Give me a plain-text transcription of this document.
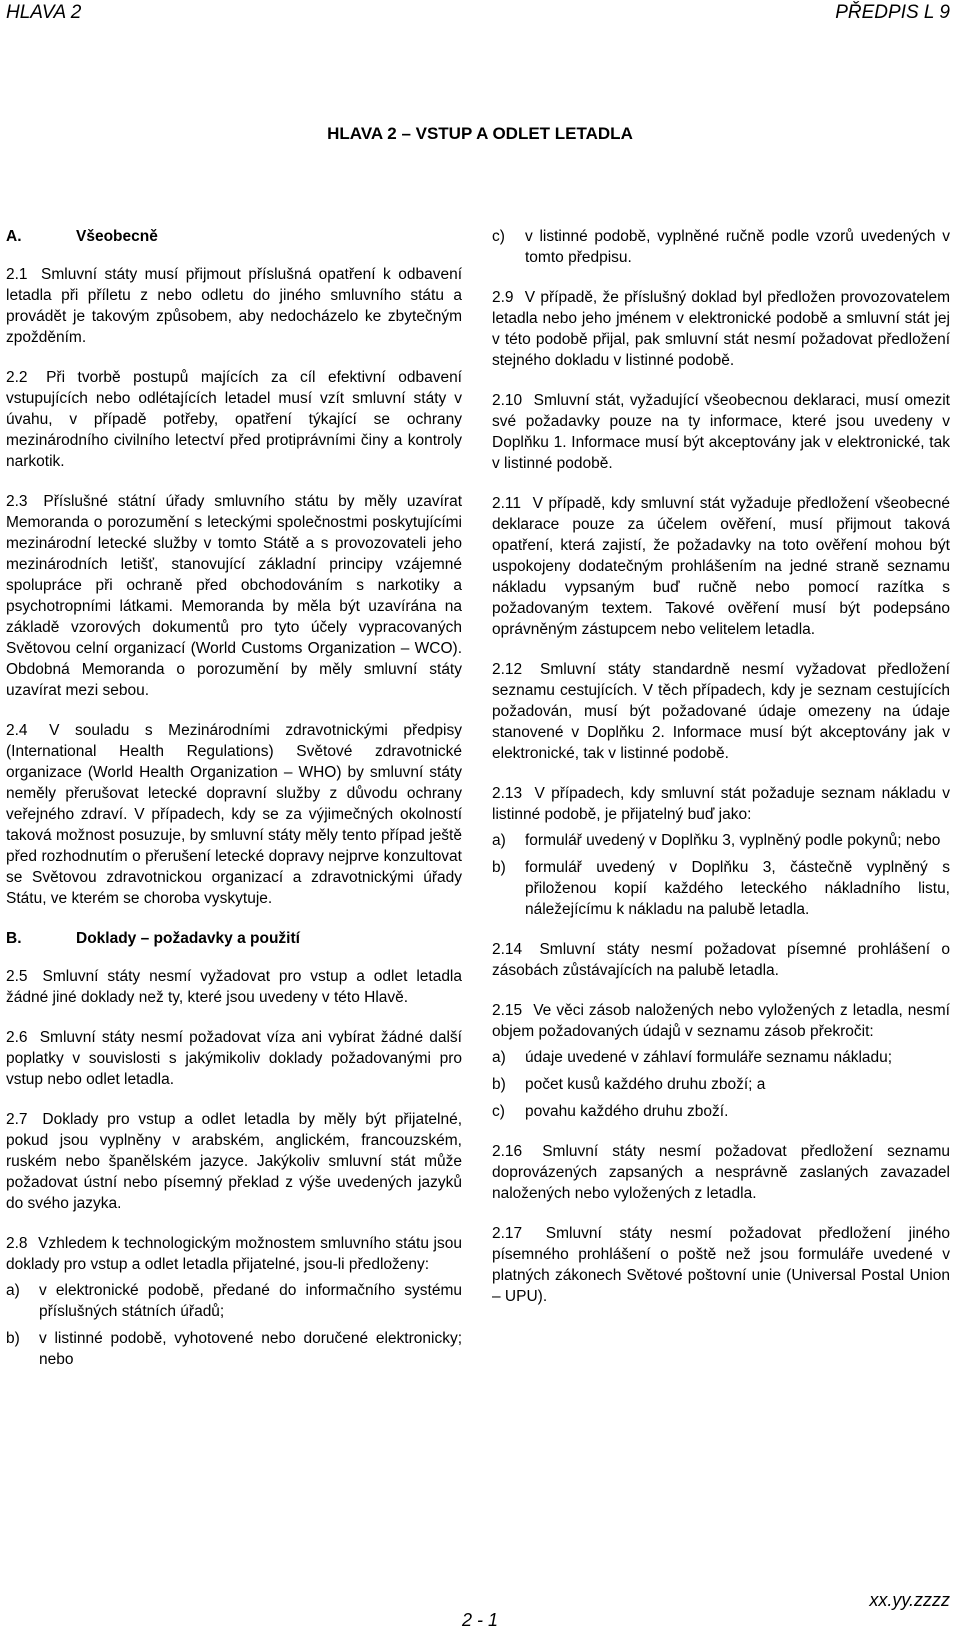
HLAVA 2	PŘEDPIS L 9
HLAVA 2 – VSTUP A ODLET LETADLA
A.	Všeobecně

2.1 Smluvní státy musí přijmout příslušná opatření k odbavení letadla při příletu z nebo odletu do jiného smluvního státu a provádět je takovým způsobem, aby nedocházelo ke zbytečným zpožděním.

2.2 Při tvorbě postupů majících za cíl efektivní odbavení vstupujících nebo odlétajících letadel musí vzít smluvní státy v úvahu, v případě potřeby, opatření týkající se ochrany mezinárodního civilního letectví před protiprávními činy a kontroly narkotik.

2.3 Příslušné státní úřady smluvního státu by měly uzavírat Memoranda o porozumění s leteckými společnostmi poskytujícími mezinárodní letecké služby v tomto Státě a s provozovateli jeho mezinárodních letišť, stanovující základní principy vzájemné spolupráce při ochraně před obchodováním s narkotiky a psychotropními látkami. Memoranda by měla být uzavírána na základě vzorových dokumentů pro tyto účely vypracovaných Světovou celní organizací (World Customs Organization – WCO). Obdobná Memoranda o porozumění by měly smluvní státy uzavírat mezi sebou.

2.4 V souladu s Mezinárodními zdravotnickými předpisy (International Health Regulations) Světové zdravotnické organizace (World Health Organization – WHO) by smluvní státy neměly přerušovat letecké dopravní služby z důvodu ochrany veřejného zdraví. V případech, kdy se za výjimečných okolností taková možnost posuzuje, by smluvní státy měly tento případ ještě před rozhodnutím o přerušení letecké dopravy nejprve konzultovat se Světovou zdravotnickou organizací a zdravotnickými úřady Státu, ve kterém se choroba vyskytuje.

B.	Doklady – požadavky a použití

2.5 Smluvní státy nesmí vyžadovat pro vstup a odlet letadla žádné jiné doklady než ty, které jsou uvedeny v této Hlavě.

2.6 Smluvní státy nesmí požadovat víza ani vybírat žádné další poplatky v souvislosti s jakýmikoliv doklady požadovanými pro vstup nebo odlet letadla.

2.7 Doklady pro vstup a odlet letadla by měly být přijatelné, pokud jsou vyplněny v arabském, anglickém, francouzském, ruském nebo španělském jazyce. Jakýkoliv smluvní stát může požadovat ústní nebo písemný překlad z výše uvedených jazyků do svého jazyka.

2.8 Vzhledem k technologickým možnostem smluvního státu jsou doklady pro vstup a odlet letadla přijatelné, jsou-li předloženy:

a) v elektronické podobě, předané do informačního systému příslušných státních úřadů;
b) v listinné podobě, vyhotovené nebo doručené elektronicky; nebo
c) v listinné podobě, vyplněné ručně podle vzorů uvedených v tomto předpisu.

2.9 V případě, že příslušný doklad byl předložen provozovatelem letadla nebo jeho jménem v elektronické podobě a smluvní stát jej v této podobě přijal, pak smluvní stát nesmí požadovat předložení stejného dokladu v listinné podobě.

2.10 Smluvní stát, vyžadující všeobecnou deklaraci, musí omezit své požadavky pouze na ty informace, které jsou uvedeny v Doplňku 1. Informace musí být akceptovány jak v elektronické, tak v listinné podobě.

2.11 V případě, kdy smluvní stát vyžaduje předložení všeobecné deklarace pouze za účelem ověření, musí přijmout taková opatření, která zajistí, že požadavky na toto ověření mohou být uspokojeny dodatečným prohlášením na jedné straně seznamu nákladu vypsaným buď ručně nebo pomocí razítka s požadovaným textem. Takové ověření musí být podepsáno oprávněným zástupcem nebo velitelem letadla.

2.12 Smluvní státy standardně nesmí vyžadovat předložení seznamu cestujících. V těch případech, kdy je seznam cestujících požadován, musí být požadované údaje omezeny na údaje stanovené v Doplňku 2. Informace musí být akceptovány jak v elektronické, tak v listinné podobě.

2.13 V případech, kdy smluvní stát požaduje seznam nákladu v listinné podobě, je přijatelný buď jako:

a) formulář uvedený v Doplňku 3, vyplněný podle pokynů; nebo
b) formulář uvedený v Doplňku 3, částečně vyplněný s přiloženou kopií každého leteckého nákladního listu, náležejícímu k nákladu na palubě letadla.

2.14 Smluvní státy nesmí požadovat písemné prohlášení o zásobách zůstávajících na palubě letadla.

2.15 Ve věci zásob naložených nebo vyložených z letadla, nesmí objem požadovaných údajů v seznamu zásob překročit:

a) údaje uvedené v záhlaví formuláře seznamu nákladu;
b) počet kusů každého druhu zboží; a
c) povahu každého druhu zboží.

2.16 Smluvní státy nesmí požadovat předložení seznamu doprovázených zapsaných a nesprávně zaslaných zavazadel naložených nebo vyložených z letadla.

2.17 Smluvní státy nesmí požadovat předložení jiného písemného prohlášení o poště než jsou formuláře uvedené v platných zákonech Světové poštovní unie (Universal Postal Union – UPU).

xx.yy.zzzz
2 - 1
